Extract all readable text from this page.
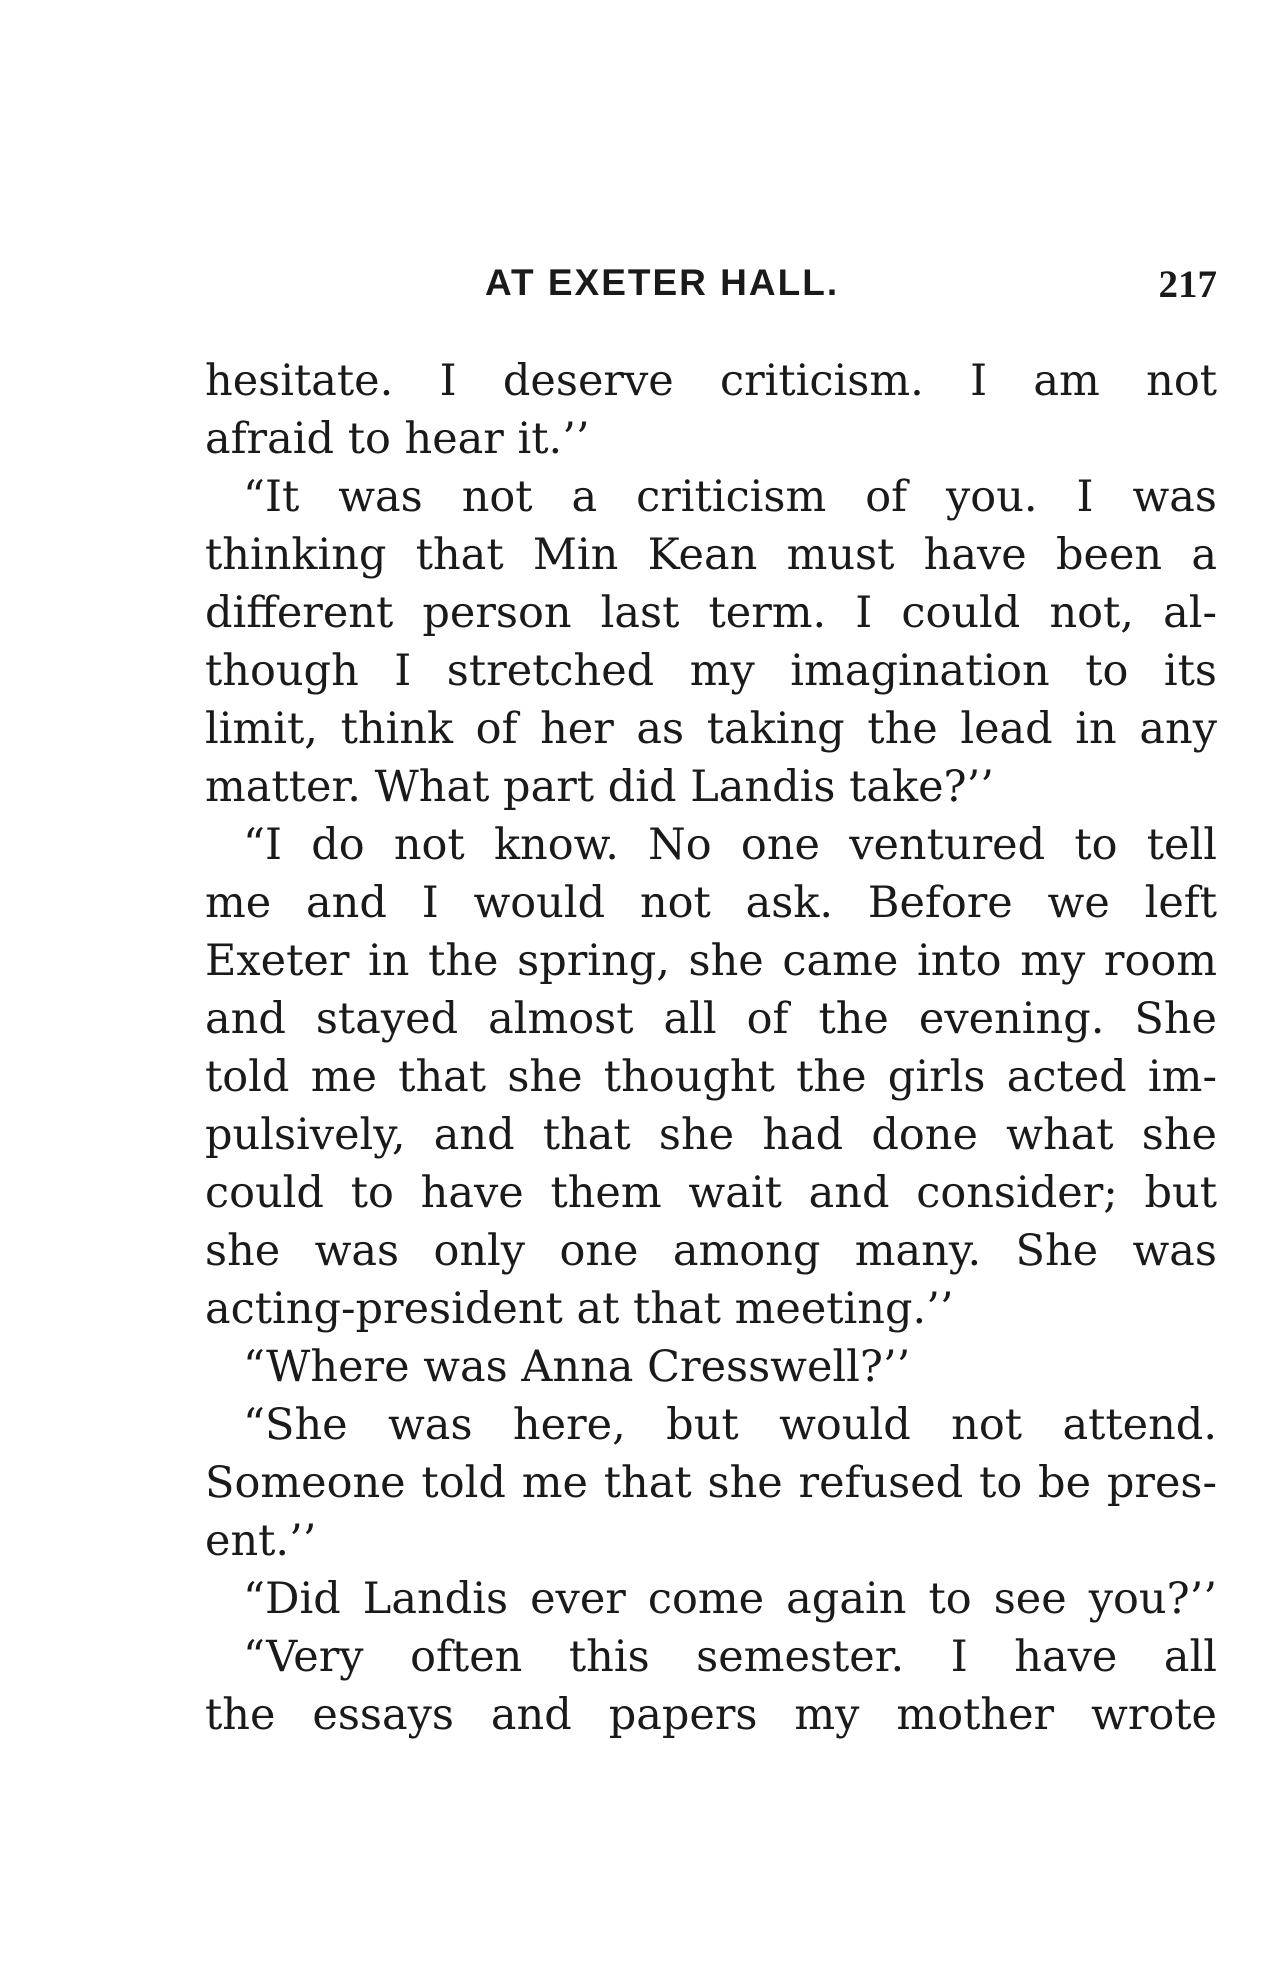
AT EXETER HALL.	217
hesitate. I deserve criticism. I am not
afraid to hear it.’’
“It was not a criticism of you. I was
thinking that Min Kean must have been a
different person last term. I could not, al-
though I stretched my imagination to its
limit, think of her as taking the lead in any
matter. What part did Landis take?’’
“I do not know. No one ventured to tell
me and I would not ask. Before we left
Exeter in the spring, she came into my room
and stayed almost all of the evening. She
told me that she thought the girls acted im-
pulsively, and that she had done what she
could to have them wait and consider; but
she was only one among many. She was
acting-president at that meeting.’’
“Where was Anna Cresswell?’’
“She was here, but would not attend.
Someone told me that she refused to be pres-
ent.’’
“Did Landis ever come again to see you?’’
“Very often this semester. I have all
the essays and papers my mother wrote
